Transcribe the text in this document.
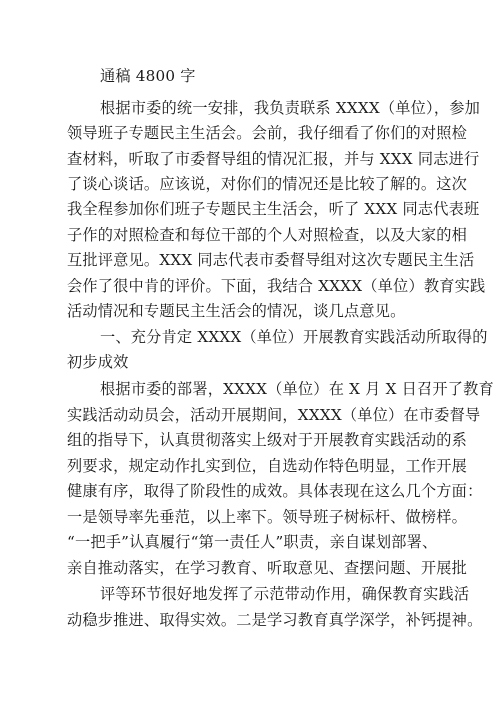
通稿 4800 字
根据市委的统一安排，我负责联系 XXXX（单位），参加
领导班子专题民主生活会。会前，我仔细看了你们的对照检
查材料，听取了市委督导组的情况汇报，并与 XXX 同志进行
了谈心谈话。应该说，对你们的情况还是比较了解的。这次
我全程参加你们班子专题民主生活会，听了 XXX 同志代表班
子作的对照检查和每位干部的个人对照检查，以及大家的相
互批评意见。XXX 同志代表市委督导组对这次专题民主生活
会作了很中肯的评价。下面，我结合 XXXX（单位）教育实践
活动情况和专题民主生活会的情况，谈几点意见。
一、充分肯定 XXXX（单位）开展教育实践活动所取得的
初步成效
根据市委的部署，XXXX（单位）在 X 月 X 日召开了教育
实践活动动员会，活动开展期间，XXXX（单位）在市委督导
组的指导下，认真贯彻落实上级对于开展教育实践活动的系
列要求，规定动作扎实到位，自选动作特色明显，工作开展
健康有序，取得了阶段性的成效。具体表现在这么几个方面：
一是领导率先垂范，以上率下。领导班子树标杆、做榜样。
“一把手”认真履行“第一责任人”职责，亲自谋划部署、
亲自推动落实，在学习教育、听取意见、查摆问题、开展批
评等环节很好地发挥了示范带动作用，确保教育实践活
动稳步推进、取得实效。二是学习教育真学深学，补钙提神。
